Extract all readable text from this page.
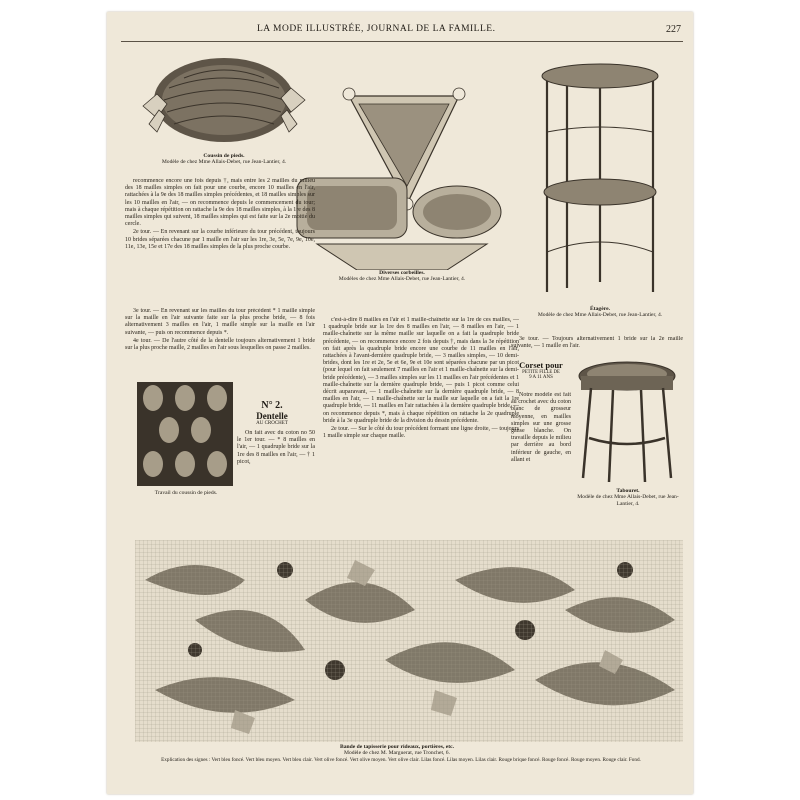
LA MODE ILLUSTRÉE, JOURNAL DE LA FAMILLE.	227
Coussin de pieds.
Modèle de chez Mme Allais-Debet, rue Jean-Lantier, 4.
Diverses corbeilles.
Modèles de chez Mme Allais-Debet, rue Jean-Lantier, 4.
Étagère.
Modèle de chez Mme Allais-Debet, rue Jean-Lantier, 4.

recommence encore une fois depuis †, mais entre les 2 mailles du milieu des 18 mailles simples on fait pour une courbe, encore 10 mailles en l'air, rattachées à la 9e des 18 mailles simples précédentes, et 18 mailles simples sur les 10 mailles en l'air, — on recommence depuis le commencement du tour; mais à chaque répétition on rattache la 9e des 18 mailles simples, à la 1re des 8 mailles simples qui suivent, 18 mailles simples qui est faite sur la 2e moitié du cercle.

2e tour. — En revenant sur la courbe inférieure du tour précédent, toujours 10 brides séparées chacune par 1 maille en l'air sur les 1re, 3e, 5e, 7e, 9e, 10e, 11e, 13e, 15e et 17e des 18 mailles simples de la plus proche courbe.

3e tour. — En revenant sur les mailles du tour précédent * 1 maille simple sur la maille en l'air suivante faite sur la plus proche bride, — 8 fois alternativement 3 mailles en l'air, 1 maille simple sur la maille en l'air suivante, — puis on recommence depuis *.

4e tour. — De l'autre côté de la dentelle toujours alternativement 1 bride sur la plus proche maille, 2 mailles en l'air sous lesquelles on passe 2 mailles.

Travail du coussin de pieds.
N° 2.
Dentelle
AU CROCHET

On fait avec du coton no 50 le 1er tour. — * 8 mailles en l'air, — 1 quadruple bride sur la 1re des 8 mailles en l'air, — † 1 picot,

c'est-à-dire 8 mailles en l'air et 1 maille-chaînette sur la 1re de ces mailles, — 1 quadruple bride sur la 1re des 8 mailles en l'air, — 8 mailles en l'air, — 1 maille-chaînette sur la même maille sur laquelle on a fait la quadruple bride précédente, — on recommence encore 2 fois depuis †, mais dans la 3e répétition on fait après la quadruple bride encore une courbe de 11 mailles en l'air, rattachées à l'avant-dernière quadruple bride, — 3 mailles simples, — 10 demi-brides, dont les 1re et 2e, 5e et 6e, 9e et 10e sont séparées chacune par un picot (pour lequel on fait seulement 7 mailles en l'air et 1 maille-chaînette sur la demi-bride précédente), — 3 mailles simples sur les 11 mailles en l'air précédentes et 1 maille-chaînette sur la dernière quadruple bride, — puis 1 picot comme celui décrit auparavant, — 1 maille-chaînette sur la dernière quadruple bride, — 8 mailles en l'air, — 1 maille-chaînette sur la maille sur laquelle on a fait la 1re quadruple bride, — 11 mailles en l'air rattachées à la dernière quadruple bride, — on recommence depuis *, mais à chaque répétition on rattache la 2e quadruple bride à la 3e quadruple bride de la division du dessin précédente.

2e tour. — Sur le côté du tour précédent formant une ligne droite, — toujours 1 maille simple sur chaque maille.

3e tour. — Toujours alternativement 1 bride sur la 2e maille suivante, — 1 maille en l'air.

Corset pour
PETITE FILLE DE
9 A 11 ANS

Notre modèle est fait au crochet avec du coton blanc de grosseur moyenne, en mailles simples sur une grosse ganse blanche. On travaille depuis le milieu par derrière au bord inférieur de gauche, en allant et

Tabouret.
Modèle de chez Mme Allais-Debet, rue Jean-Lantier, 4.
Bande de tapisserie pour rideaux, portières, etc.
Modèle de chez M. Marguerat, rue Tronchet, 6.
Explication des signes : Vert bleu foncé. Vert bleu moyen. Vert bleu clair. Vert olive foncé. Vert olive moyen. Vert olive clair. Lilas foncé. Lilas moyen. Lilas clair. Rouge brique foncé. Rouge foncé. Rouge moyen. Rouge clair. Fond.
